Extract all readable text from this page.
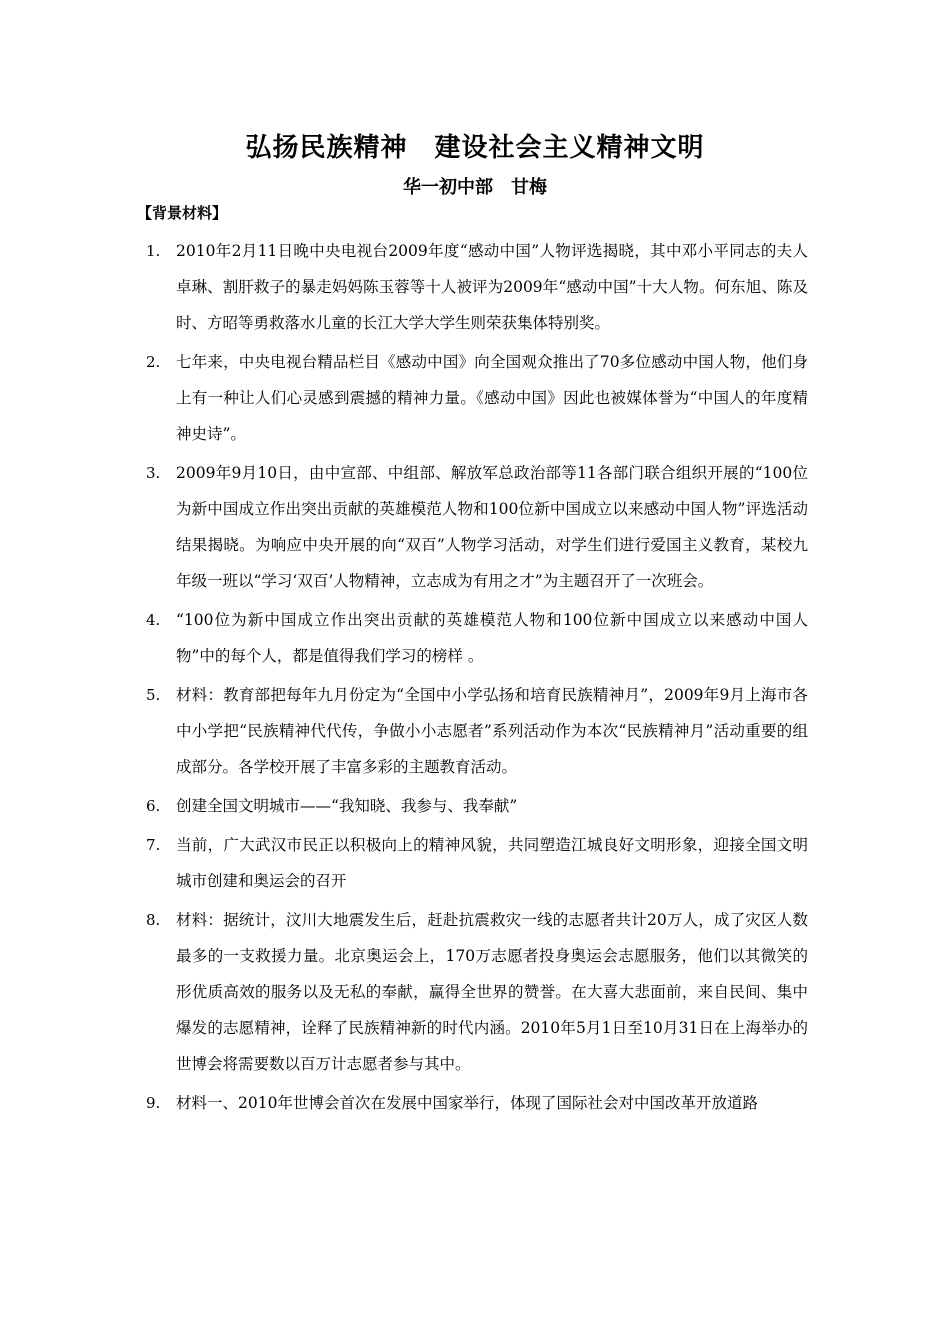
弘扬民族精神　建设社会主义精神文明
华一初中部　甘梅
【背景材料】
1. 2010年2月11日晚中央电视台2009年度“感动中国”人物评选揭晓，其中邓小平同志的夫人卓琳、割肝救子的暴走妈妈陈玉蓉等十人被评为2009年“感动中国”十大人物。何东旭、陈及时、方昭等勇救落水儿童的长江大学大学生则荣获集体特别奖。
2. 七年来，中央电视台精品栏目《感动中国》向全国观众推出了70多位感动中国人物，他们身上有一种让人们心灵感到震撼的精神力量。《感动中国》因此也被媒体誉为“中国人的年度精神史诗”。
3. 2009年9月10日，由中宣部、中组部、解放军总政治部等11各部门联合组织开展的“100位为新中国成立作出突出贡献的英雄模范人物和100位新中国成立以来感动中国人物”评选活动结果揭晓。为响应中央开展的向“双百”人物学习活动，对学生们进行爱国主义教育，某校九年级一班以“学习‘双百’人物精神，立志成为有用之才”为主题召开了一次班会。
4. “100位为新中国成立作出突出贡献的英雄模范人物和100位新中国成立以来感动中国人物”中的每个人，都是值得我们学习的榜样 。
5. 材料：教育部把每年九月份定为“全国中小学弘扬和培育民族精神月”，2009年9月上海市各中小学把“民族精神代代传，争做小小志愿者”系列活动作为本次“民族精神月”活动重要的组成部分。各学校开展了丰富多彩的主题教育活动。
6. 创建全国文明城市——“我知晓、我参与、我奉献”
7. 当前，广大武汉市民正以积极向上的精神风貌，共同塑造江城良好文明形象，迎接全国文明城市创建和奥运会的召开
8. 材料：据统计，汶川大地震发生后，赶赴抗震救灾一线的志愿者共计20万人，成了灾区人数最多的一支救援力量。北京奥运会上，170万志愿者投身奥运会志愿服务，他们以其微笑的形优质高效的服务以及无私的奉献，赢得全世界的赞誉。在大喜大悲面前，来自民间、集中爆发的志愿精神，诠释了民族精神新的时代内涵。2010年5月1日至10月31日在上海举办的世博会将需要数以百万计志愿者参与其中。
9. 材料一、2010年世博会首次在发展中国家举行，体现了国际社会对中国改革开放道路
